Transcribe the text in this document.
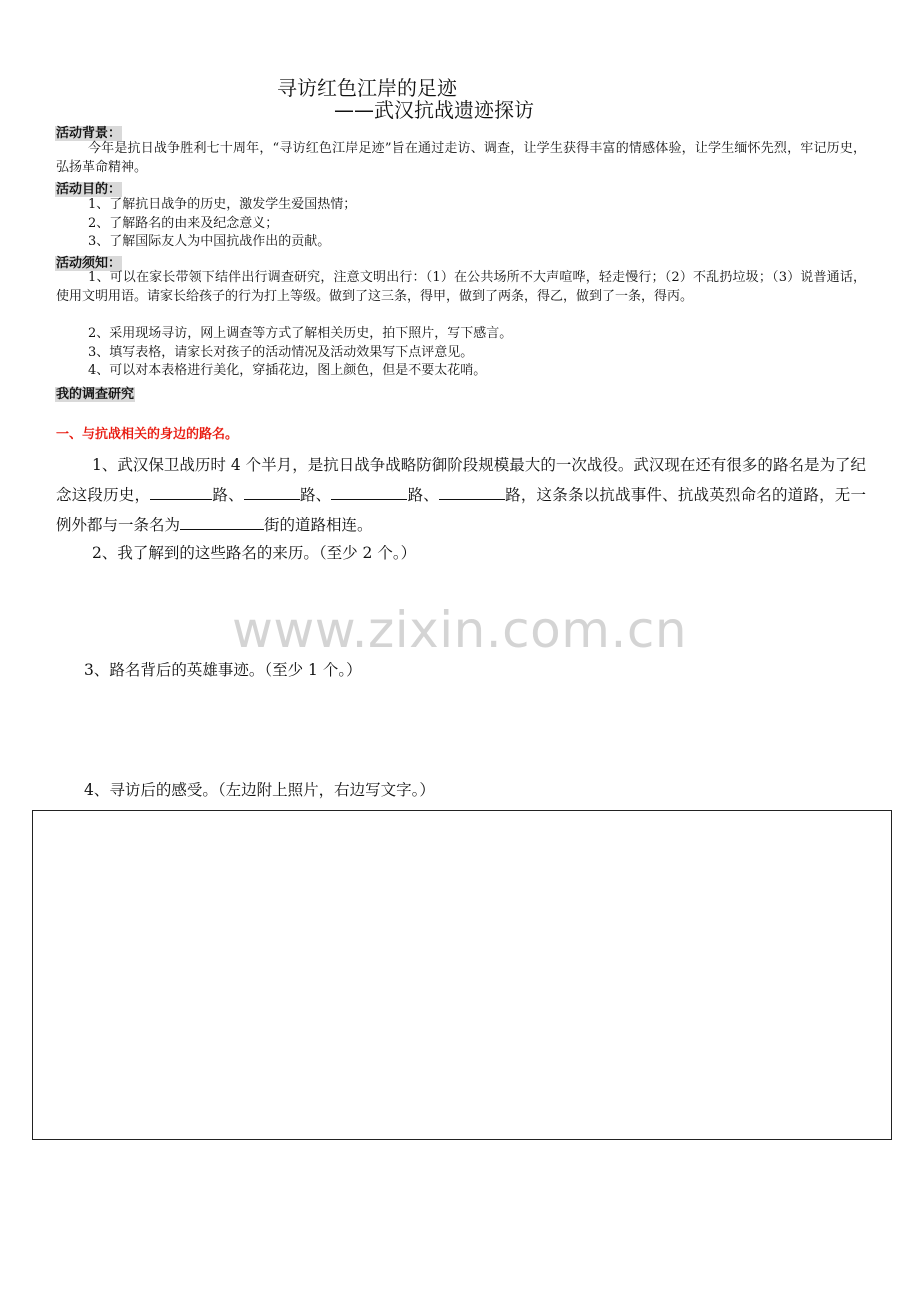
寻访红色江岸的足迹
——武汉抗战遗迹探访
活动背景：

今年是抗日战争胜利七十周年，“寻访红色江岸足迹”旨在通过走访、调查，让学生获得丰富的情感体验，让学生缅怀先烈，牢记历史，弘扬革命精神。

活动目的：

1、了解抗日战争的历史，激发学生爱国热情；

2、了解路名的由来及纪念意义；

3、了解国际友人为中国抗战作出的贡献。

活动须知：

1、可以在家长带领下结伴出行调查研究，注意文明出行：（1）在公共场所不大声喧哗，轻走慢行；（2）不乱扔垃圾；（3）说普通话，使用文明用语。请家长给孩子的行为打上等级。做到了这三条，得甲，做到了两条，得乙，做到了一条，得丙。

2、采用现场寻访，网上调查等方式了解相关历史，拍下照片，写下感言。

3、填写表格，请家长对孩子的活动情况及活动效果写下点评意见。

4、可以对本表格进行美化，穿插花边，图上颜色，但是不要太花哨。

我的调查研究
一、与抗战相关的身边的路名。

1、武汉保卫战历时 4 个半月，是抗日战争战略防御阶段规模最大的一次战役。武汉现在还有很多的路名是为了纪念这段历史，	路、	路、	路、	路，这条条以抗战事件、抗战英烈命名的道路，无一例外都与一条名为	街的道路相连。

2、我了解到的这些路名的来历。（至少 2 个。）

www.zixin.com.cn

3、路名背后的英雄事迹。（至少 1 个。）

4、寻访后的感受。（左边附上照片，右边写文字。）
